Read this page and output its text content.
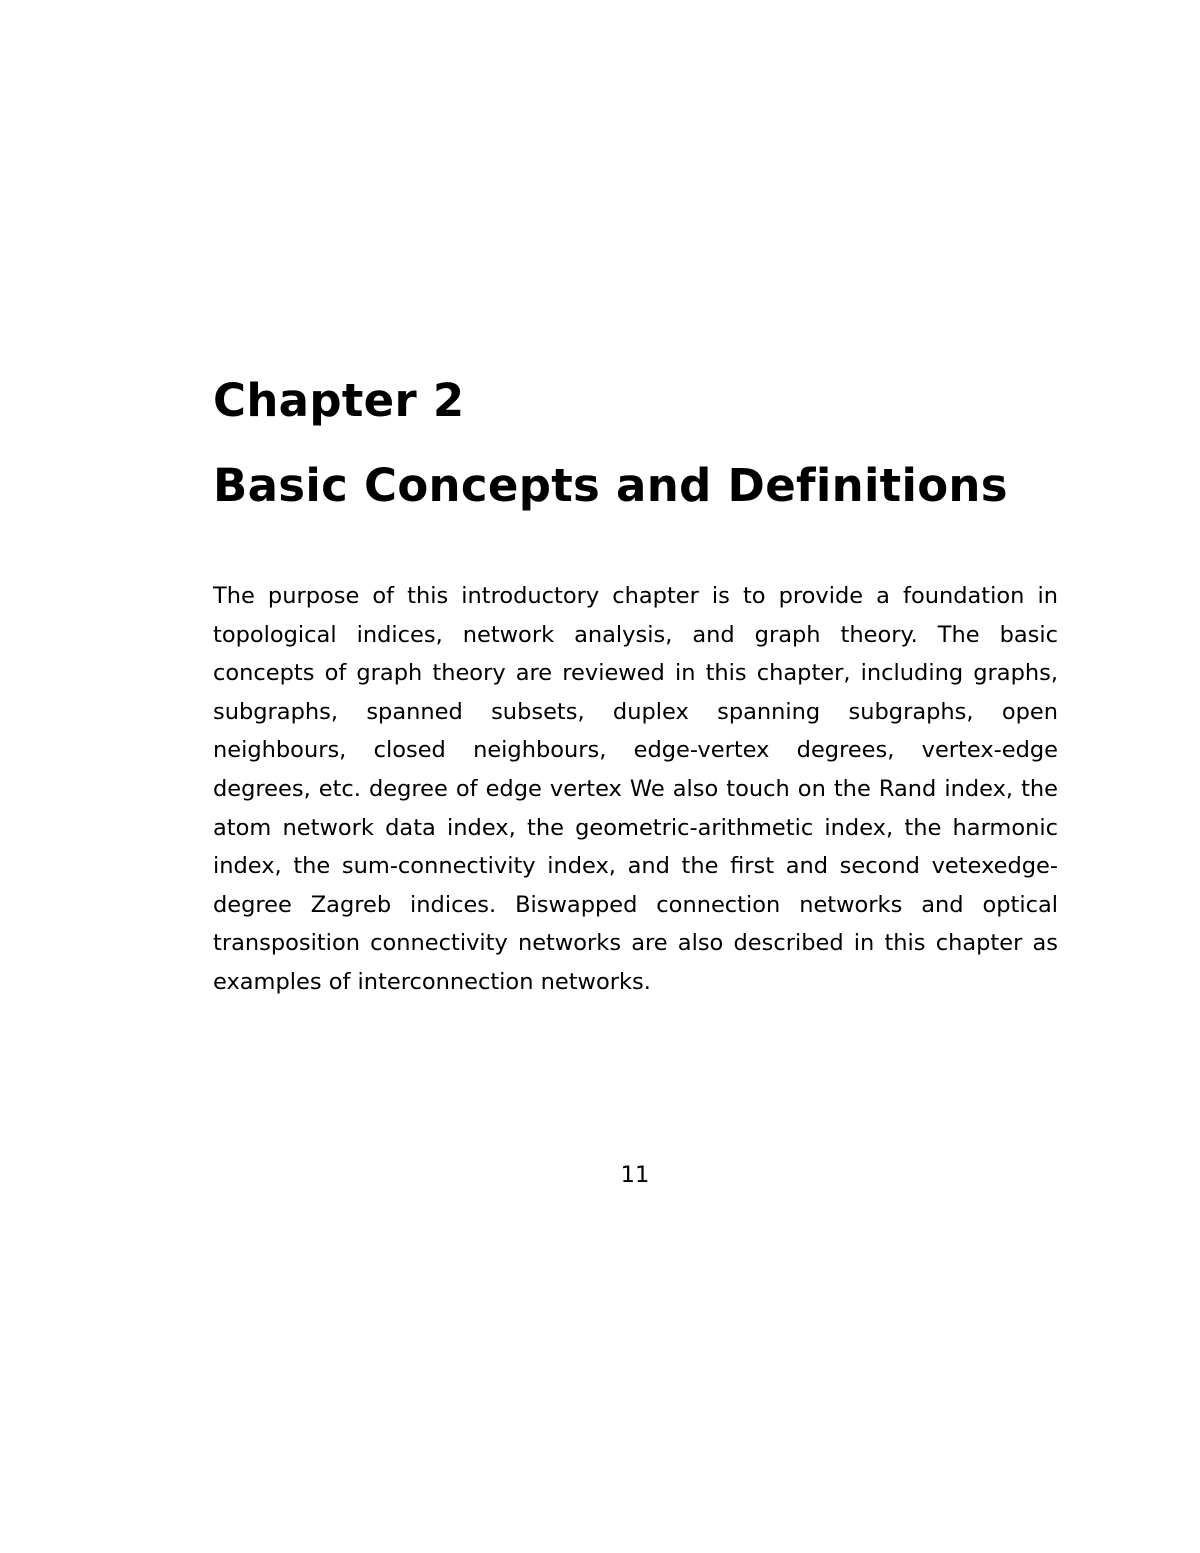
Chapter 2
Basic Concepts and Definitions

The purpose of this introductory chapter is to provide a foundation in topological indices, network analysis, and graph theory. The basic concepts of graph theory are reviewed in this chapter, including graphs, subgraphs, spanned subsets, duplex spanning subgraphs, open neighbours, closed neighbours, edge-vertex degrees, vertex-edge degrees, etc. degree of edge vertex We also touch on the Rand index, the atom network data index, the geometric-arithmetic index, the harmonic index, the sum-connectivity index, and the first and second vetexedge-degree Zagreb indices. Biswapped connection networks and optical transposition connectivity networks are also described in this chapter as examples of interconnection networks.

11
